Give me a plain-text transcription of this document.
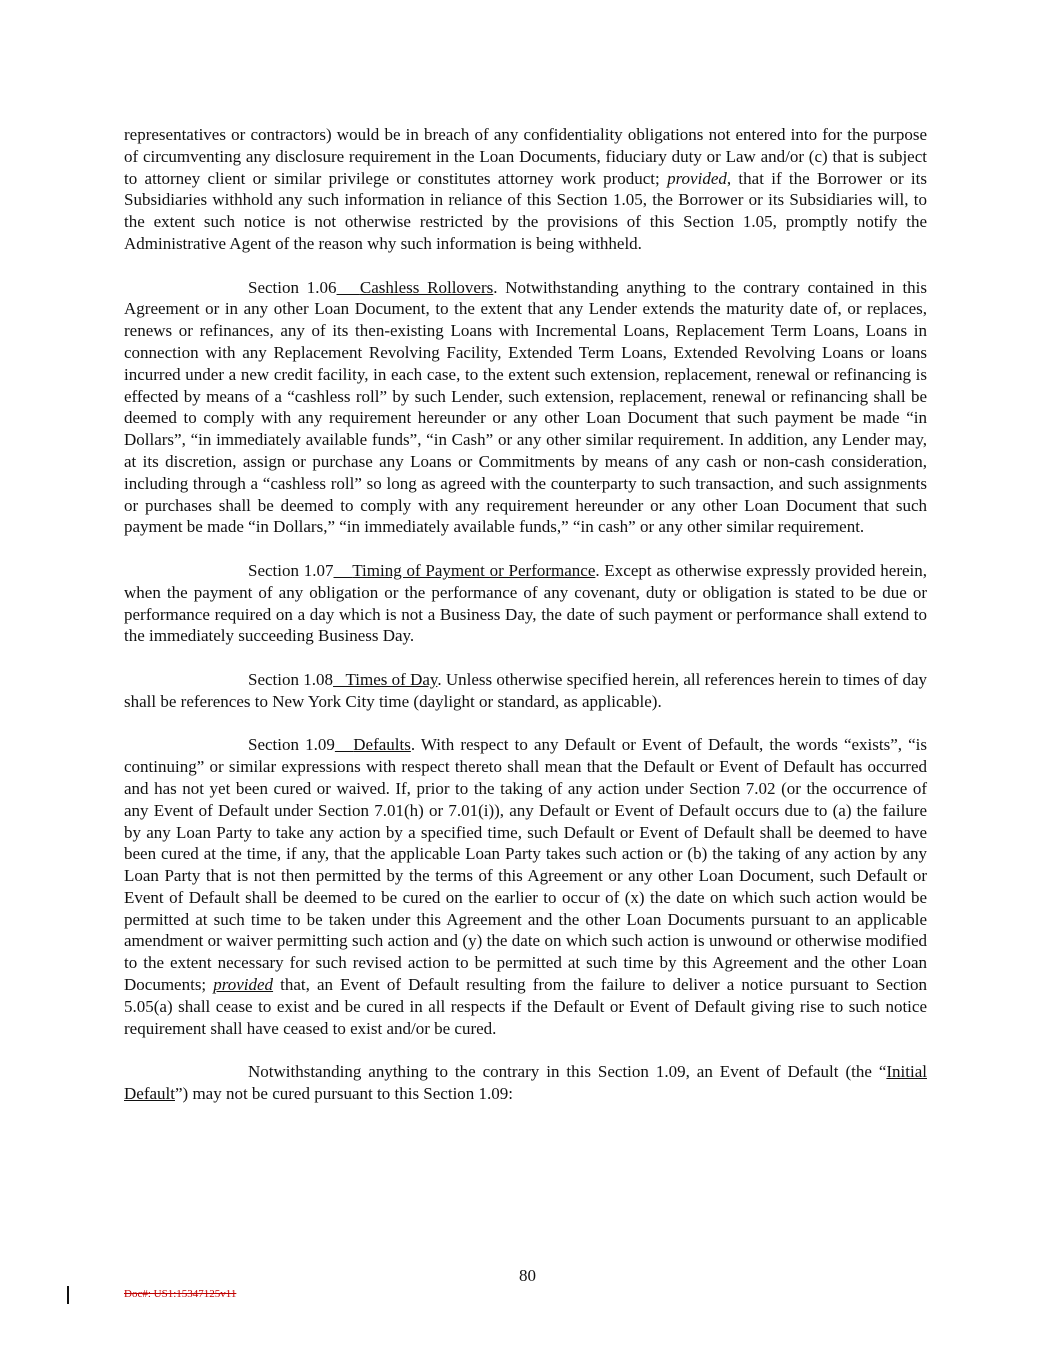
representatives or contractors) would be in breach of any confidentiality obligations not entered into for the purpose of circumventing any disclosure requirement in the Loan Documents, fiduciary duty or Law and/or (c) that is subject to attorney client or similar privilege or constitutes attorney work product; provided, that if the Borrower or its Subsidiaries withhold any such information in reliance of this Section 1.05, the Borrower or its Subsidiaries will, to the extent such notice is not otherwise restricted by the provisions of this Section 1.05, promptly notify the Administrative Agent of the reason why such information is being withheld.

Section 1.06 Cashless Rollovers. Notwithstanding anything to the contrary contained in this Agreement or in any other Loan Document, to the extent that any Lender extends the maturity date of, or replaces, renews or refinances, any of its then-existing Loans with Incremental Loans, Replacement Term Loans, Loans in connection with any Replacement Revolving Facility, Extended Term Loans, Extended Revolving Loans or loans incurred under a new credit facility, in each case, to the extent such extension, replacement, renewal or refinancing is effected by means of a “cashless roll” by such Lender, such extension, replacement, renewal or refinancing shall be deemed to comply with any requirement hereunder or any other Loan Document that such payment be made “in Dollars”, “in immediately available funds”, “in Cash” or any other similar requirement. In addition, any Lender may, at its discretion, assign or purchase any Loans or Commitments by means of any cash or non-cash consideration, including through a “cashless roll” so long as agreed with the counterparty to such transaction, and such assignments or purchases shall be deemed to comply with any requirement hereunder or any other Loan Document that such payment be made “in Dollars,” “in immediately available funds,” “in cash” or any other similar requirement.

Section 1.07 Timing of Payment or Performance. Except as otherwise expressly provided herein, when the payment of any obligation or the performance of any covenant, duty or obligation is stated to be due or performance required on a day which is not a Business Day, the date of such payment or performance shall extend to the immediately succeeding Business Day.

Section 1.08 Times of Day. Unless otherwise specified herein, all references herein to times of day shall be references to New York City time (daylight or standard, as applicable).

Section 1.09 Defaults. With respect to any Default or Event of Default, the words “exists”, “is continuing” or similar expressions with respect thereto shall mean that the Default or Event of Default has occurred and has not yet been cured or waived. If, prior to the taking of any action under Section 7.02 (or the occurrence of any Event of Default under Section 7.01(h) or 7.01(i)), any Default or Event of Default occurs due to (a) the failure by any Loan Party to take any action by a specified time, such Default or Event of Default shall be deemed to have been cured at the time, if any, that the applicable Loan Party takes such action or (b) the taking of any action by any Loan Party that is not then permitted by the terms of this Agreement or any other Loan Document, such Default or Event of Default shall be deemed to be cured on the earlier to occur of (x) the date on which such action would be permitted at such time to be taken under this Agreement and the other Loan Documents pursuant to an applicable amendment or waiver permitting such action and (y) the date on which such action is unwound or otherwise modified to the extent necessary for such revised action to be permitted at such time by this Agreement and the other Loan Documents; provided that, an Event of Default resulting from the failure to deliver a notice pursuant to Section 5.05(a) shall cease to exist and be cured in all respects if the Default or Event of Default giving rise to such notice requirement shall have ceased to exist and/or be cured.

Notwithstanding anything to the contrary in this Section 1.09, an Event of Default (the “Initial Default”) may not be cured pursuant to this Section 1.09:

80
Doc#: US1:15347125v11
